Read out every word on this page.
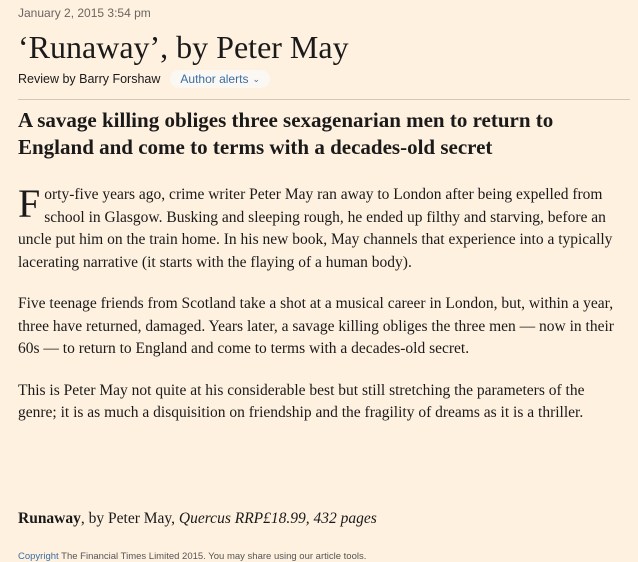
January 2, 2015 3:54 pm
‘Runaway’, by Peter May
Review by Barry Forshaw Author alerts ⌄
A savage killing obliges three sexagenarian men to return to England and come to terms with a decades-old secret

Forty-five years ago, crime writer Peter May ran away to London after being expelled from school in Glasgow. Busking and sleeping rough, he ended up filthy and starving, before an uncle put him on the train home. In his new book, May channels that experience into a typically lacerating narrative (it starts with the flaying of a human body).

Five teenage friends from Scotland take a shot at a musical career in London, but, within a year, three have returned, damaged. Years later, a savage killing obliges the three men — now in their 60s — to return to England and come to terms with a decades-old secret.

This is Peter May not quite at his considerable best but still stretching the parameters of the genre; it is as much a disquisition on friendship and the fragility of dreams as it is a thriller.

Runaway, by Peter May, Quercus RRP£18.99, 432 pages
Copyright The Financial Times Limited 2015. You may share using our article tools.
